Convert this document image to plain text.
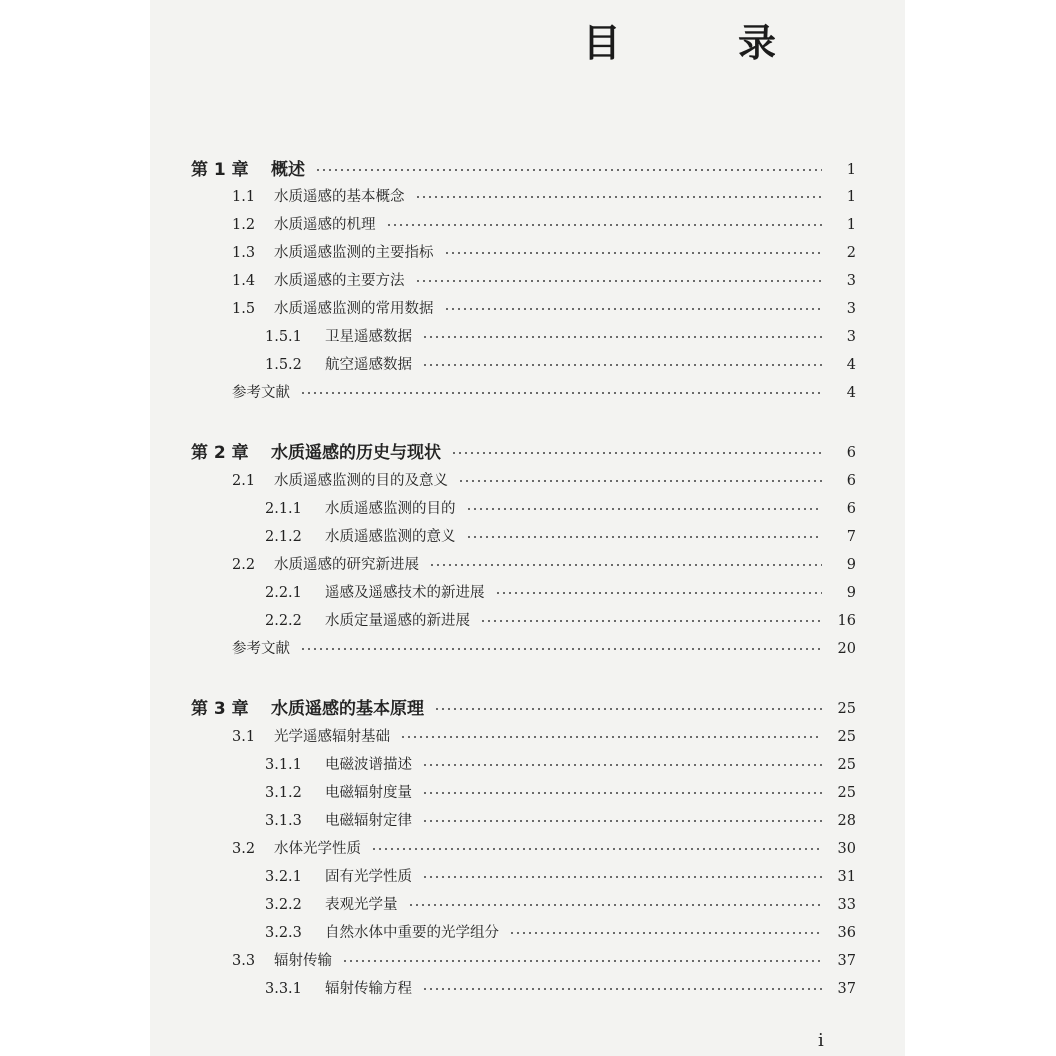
目 录
第 1 章	概述	1
1.1	水质遥感的基本概念	1
1.2	水质遥感的机理	1
1.3	水质遥感监测的主要指标	2
1.4	水质遥感的主要方法	3
1.5	水质遥感监测的常用数据	3
1.5.1	卫星遥感数据	3
1.5.2	航空遥感数据	4
参考文献	4
第 2 章	水质遥感的历史与现状	6
2.1	水质遥感监测的目的及意义	6
2.1.1	水质遥感监测的目的	6
2.1.2	水质遥感监测的意义	7
2.2	水质遥感的研究新进展	9
2.2.1	遥感及遥感技术的新进展	9
2.2.2	水质定量遥感的新进展	16
参考文献	20
第 3 章	水质遥感的基本原理	25
3.1	光学遥感辐射基础	25
3.1.1	电磁波谱描述	25
3.1.2	电磁辐射度量	25
3.1.3	电磁辐射定律	28
3.2	水体光学性质	30
3.2.1	固有光学性质	31
3.2.2	表观光学量	33
3.2.3	自然水体中重要的光学组分	36
3.3	辐射传输	37
3.3.1	辐射传输方程	37
i
